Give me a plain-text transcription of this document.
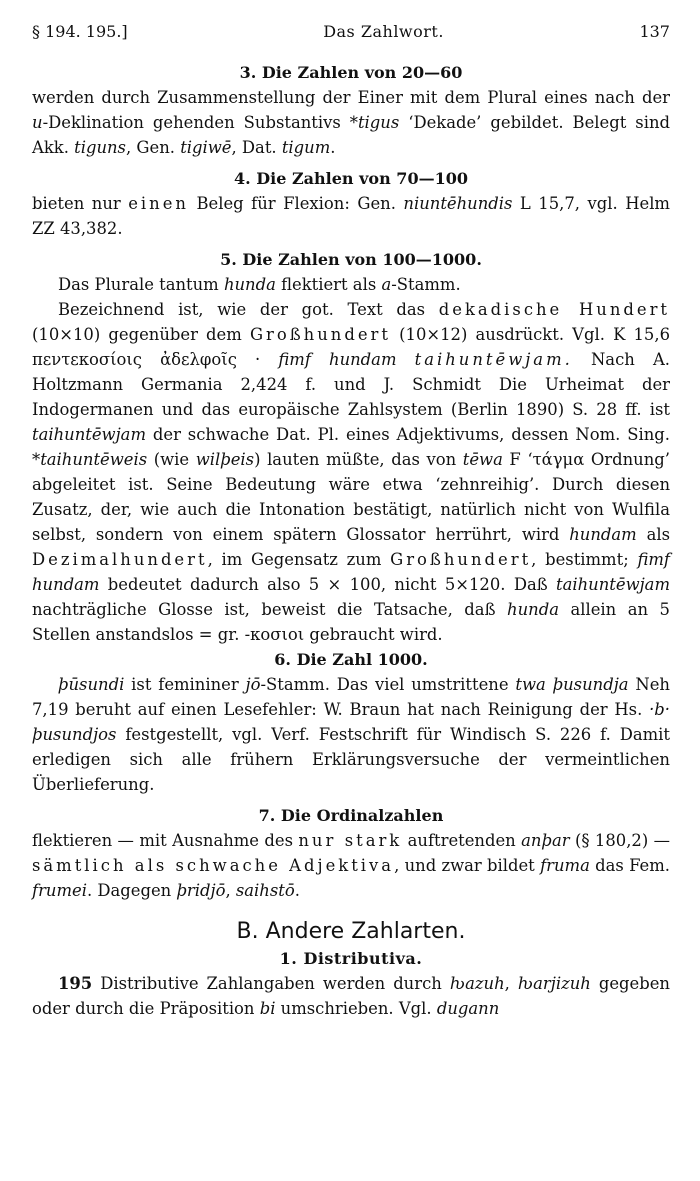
§ 194. 195.]	Das Zahlwort.	137
3. Die Zahlen von 20—60

werden durch Zusammenstellung der Einer mit dem Plural eines nach der u-Deklination gehenden Substantivs *tigus ‘Dekade’ gebildet. Belegt sind Akk. tiguns, Gen. tigiwē, Dat. tigum.

4. Die Zahlen von 70—100

bieten nur einen Beleg für Flexion: Gen. niuntēhundis L 15,7, vgl. Helm ZZ 43,382.

5. Die Zahlen von 100—1000.

Das Plurale tantum hunda flektiert als a-Stamm.

Bezeichnend ist, wie der got. Text das dekadische Hundert (10×10) gegenüber dem Großhundert (10×12) ausdrückt. Vgl. K 15,6 πεντεκοσίοις ἀδελφοῖς · fimf hundam taihuntēwjam. Nach A. Holtzmann Germania 2,424 f. und J. Schmidt Die Urheimat der Indogermanen und das europäische Zahlsystem (Berlin 1890) S. 28 ff. ist taihuntēwjam der schwache Dat. Pl. eines Adjektivums, dessen Nom. Sing. *taihuntēweis (wie wilþeis) lauten müßte, das von tēwa F ‘τάγμα Ordnung’ abgeleitet ist. Seine Bedeutung wäre etwa ‘zehnreihig’. Durch diesen Zusatz, der, wie auch die Intonation bestätigt, natürlich nicht von Wulfila selbst, sondern von einem spätern Glossator herrührt, wird hundam als Dezimalhundert, im Gegensatz zum Großhundert, bestimmt; fimf hundam bedeutet dadurch also 5 × 100, nicht 5×120. Daß taihuntēwjam nachträgliche Glosse ist, beweist die Tatsache, daß hunda allein an 5 Stellen anstandslos = gr. -κοσιοι gebraucht wird.

6. Die Zahl 1000.

þūsundi ist femininer jō-Stamm. Das viel umstrittene twa þusundja Neh 7,19 beruht auf einen Lesefehler: W. Braun hat nach Reinigung der Hs. ·b· þusundjos festgestellt, vgl. Verf. Festschrift für Windisch S. 226 f. Damit erledigen sich alle frühern Erklärungsversuche der vermeintlichen Überlieferung.

7. Die Ordinalzahlen

flektieren — mit Ausnahme des nur stark auftretenden anþar (§ 180,2) — sämtlich als schwache Adjektiva, und zwar bildet fruma das Fem. frumei. Dagegen þridjō, saihstō.

B. Andere Zahlarten.
1. Distributiva.

195 Distributive Zahlangaben werden durch ƕazuh, ƕarjizuh gegeben oder durch die Präposition bi umschrieben. Vgl. dugann
